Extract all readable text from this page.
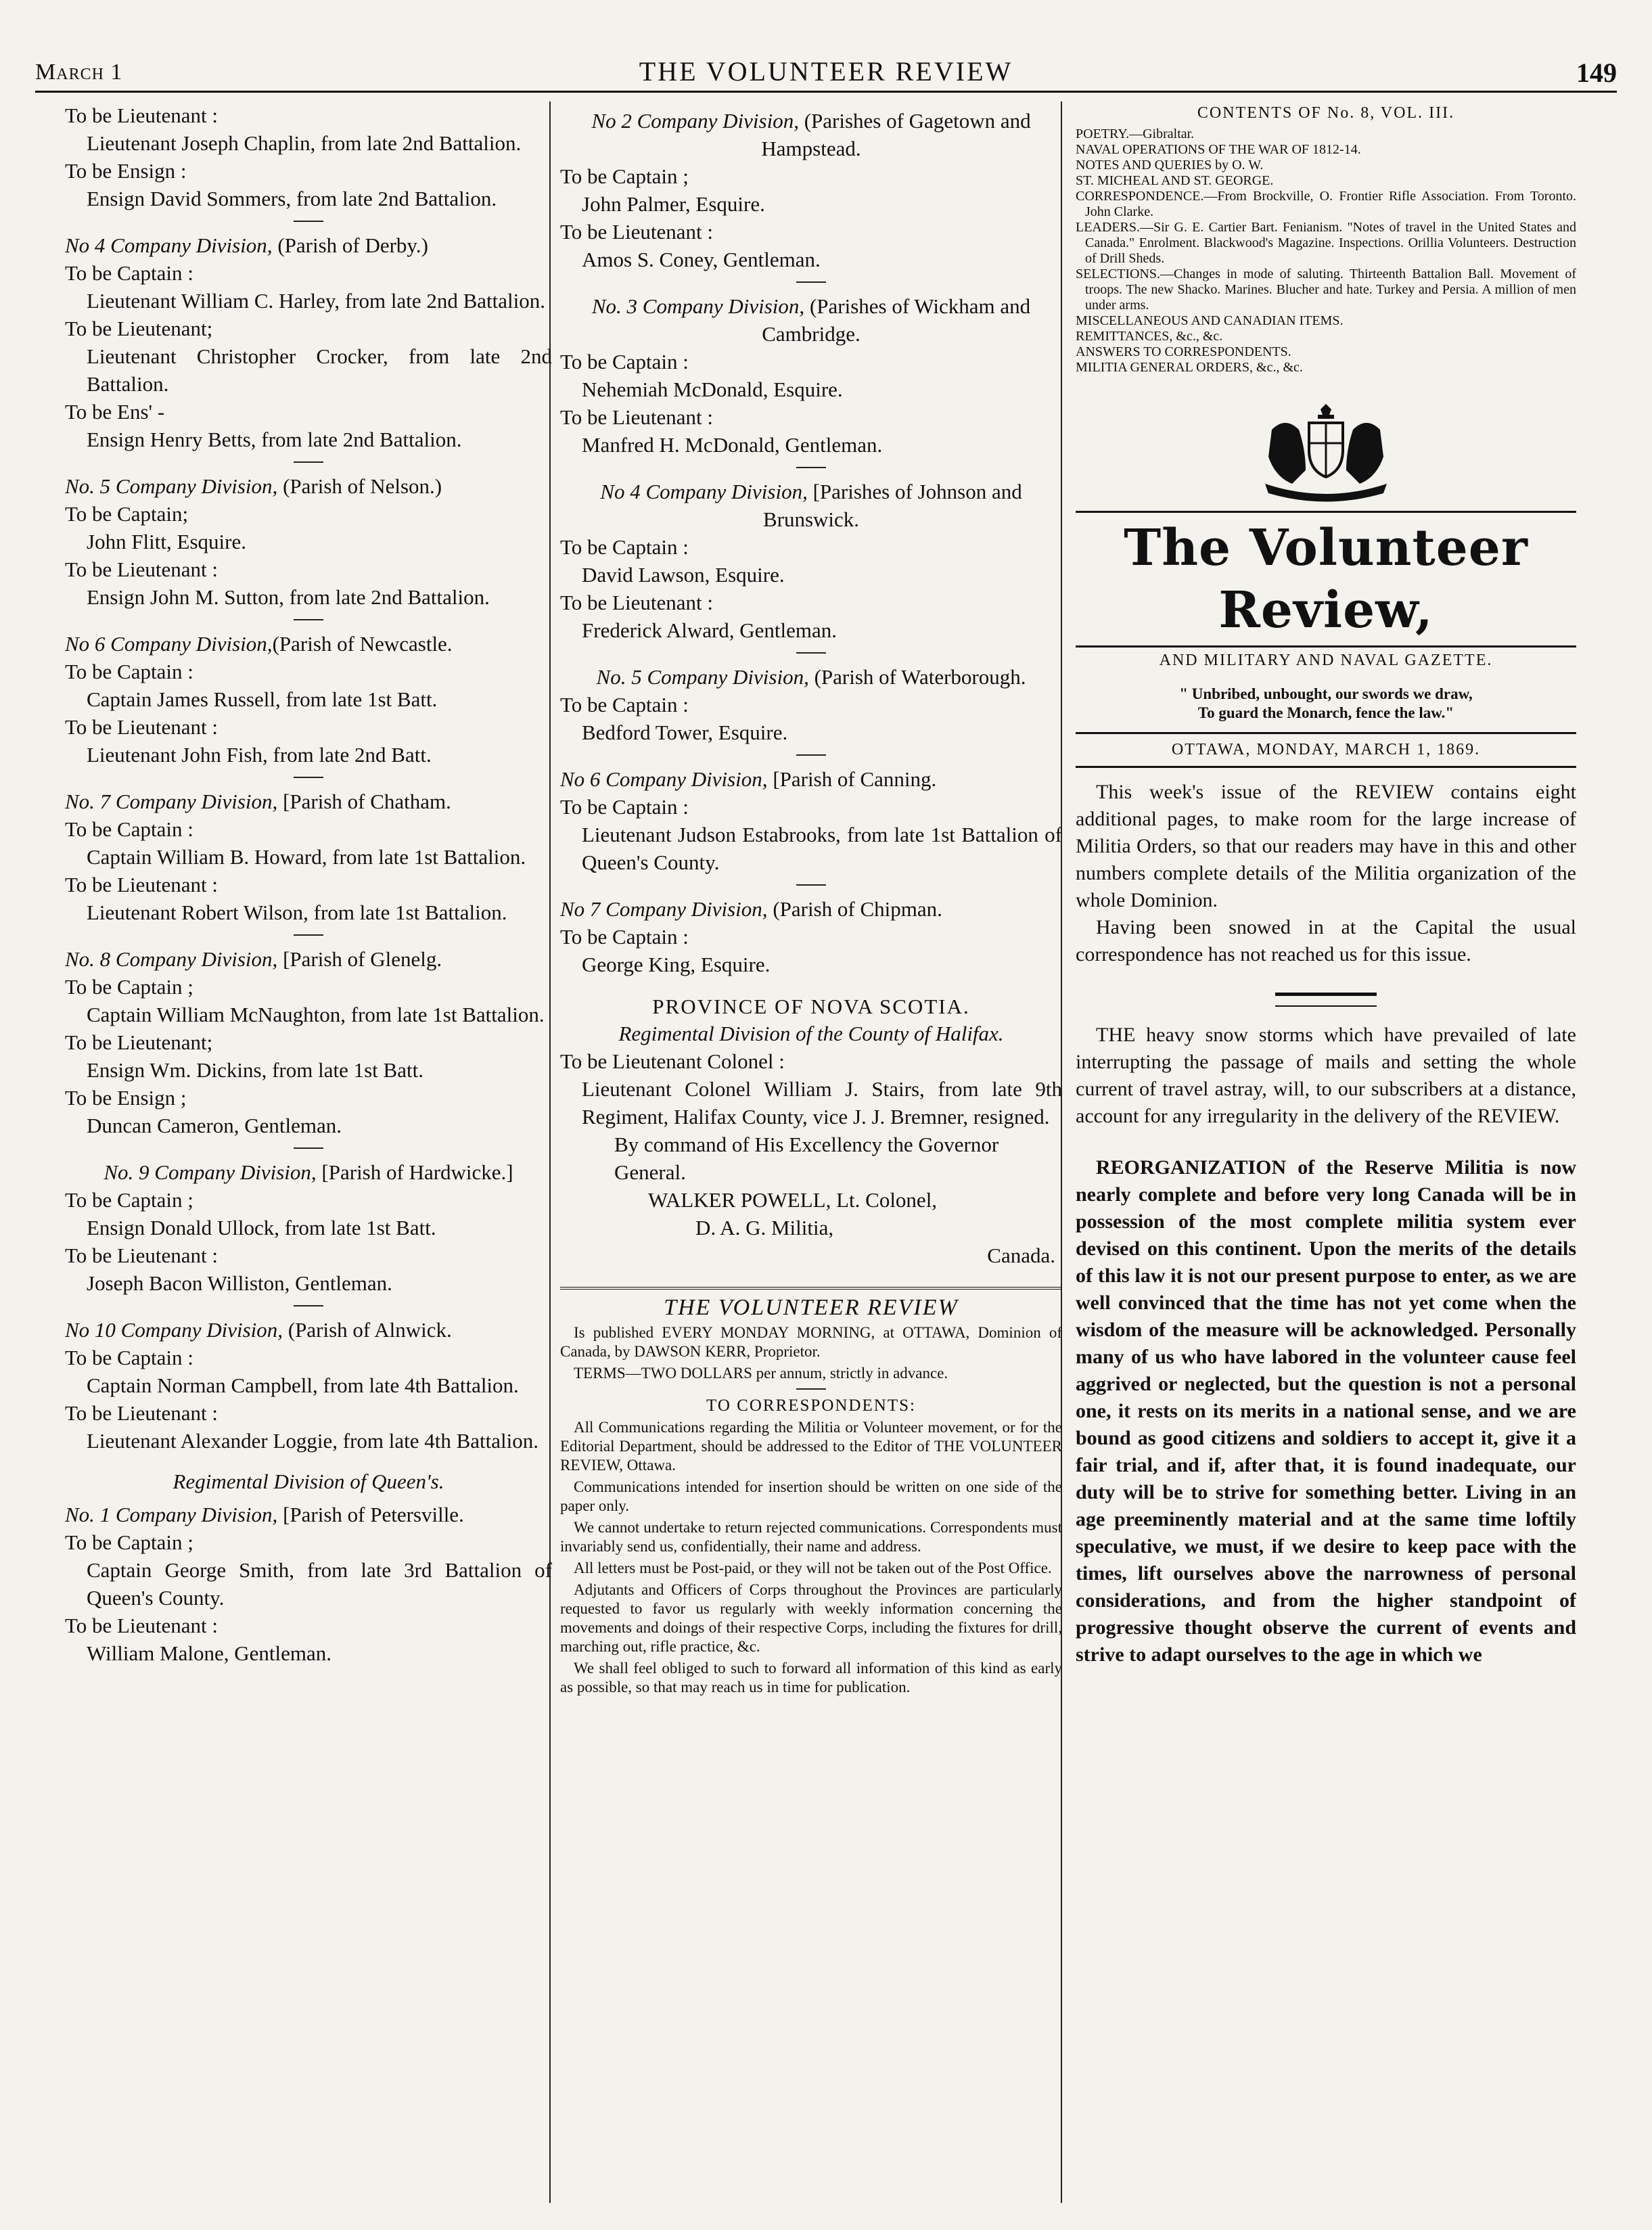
March 1	THE VOLUNTEER REVIEW	149
To be Lieutenant :
Lieutenant Joseph Chaplin, from late 2nd Battalion.
To be Ensign :
Ensign David Sommers, from late 2nd Battalion.
No 4 Company Division, (Parish of Derby.)
To be Captain :
Lieutenant William C. Harley, from late 2nd Battalion.
To be Lieutenant;
Lieutenant Christopher Crocker, from late 2nd Battalion.
To be Ens' -
Ensign Henry Betts, from late 2nd Battalion.
No. 5 Company Division, (Parish of Nelson.)
To be Captain;
John Flitt, Esquire.
To be Lieutenant :
Ensign John M. Sutton, from late 2nd Battalion.
No 6 Company Division,(Parish of Newcastle.
To be Captain :
Captain James Russell, from late 1st Batt.
To be Lieutenant :
Lieutenant John Fish, from late 2nd Batt.
No. 7 Company Division, [Parish of Chatham.
To be Captain :
Captain William B. Howard, from late 1st Battalion.
To be Lieutenant :
Lieutenant Robert Wilson, from late 1st Battalion.
No. 8 Company Division, [Parish of Glenelg.
To be Captain ;
Captain William McNaughton, from late 1st Battalion.
To be Lieutenant;
Ensign Wm. Dickins, from late 1st Batt.
To be Ensign ;
Duncan Cameron, Gentleman.
No. 9 Company Division, [Parish of Hardwicke.]
To be Captain ;
Ensign Donald Ullock, from late 1st Batt.
To be Lieutenant :
Joseph Bacon Williston, Gentleman.
No 10 Company Division, (Parish of Alnwick.
To be Captain :
Captain Norman Campbell, from late 4th Battalion.
To be Lieutenant :
Lieutenant Alexander Loggie, from late 4th Battalion.
Regimental Division of Queen's.
No. 1 Company Division, [Parish of Petersville.
To be Captain ;
Captain George Smith, from late 3rd Battalion of Queen's County.
To be Lieutenant :
William Malone, Gentleman.
No 2 Company Division, (Parishes of Gagetown and Hampstead.
To be Captain ;
John Palmer, Esquire.
To be Lieutenant :
Amos S. Coney, Gentleman.
No. 3 Company Division, (Parishes of Wickham and Cambridge.
To be Captain :
Nehemiah McDonald, Esquire.
To be Lieutenant :
Manfred H. McDonald, Gentleman.
No 4 Company Division, [Parishes of Johnson and Brunswick.
To be Captain :
David Lawson, Esquire.
To be Lieutenant :
Frederick Alward, Gentleman.
No. 5 Company Division, (Parish of Waterborough.
To be Captain :
Bedford Tower, Esquire.
No 6 Company Division, [Parish of Canning.
To be Captain :
Lieutenant Judson Estabrooks, from late 1st Battalion of Queen's County.
No 7 Company Division, (Parish of Chipman.
To be Captain :
George King, Esquire.
PROVINCE OF NOVA SCOTIA.
Regimental Division of the County of Halifax.
To be Lieutenant Colonel :
Lieutenant Colonel William J. Stairs, from late 9th Regiment, Halifax County, vice J. J. Bremner, resigned.
By command of His Excellency the Governor General.
WALKER POWELL, Lt. Colonel,
D. A. G. Militia,
Canada.
THE VOLUNTEER REVIEW

Is published EVERY MONDAY MORNING, at OTTAWA, Dominion of Canada, by DAWSON KERR, Proprietor.

TERMS—TWO DOLLARS per annum, strictly in advance.

TO CORRESPONDENTS:

All Communications regarding the Militia or Volunteer movement, or for the Editorial Department, should be addressed to the Editor of THE VOLUNTEER REVIEW, Ottawa.

Communications intended for insertion should be written on one side of the paper only.

We cannot undertake to return rejected communications. Correspondents must invariably send us, confidentially, their name and address.

All letters must be Post-paid, or they will not be taken out of the Post Office.

Adjutants and Officers of Corps throughout the Provinces are particularly requested to favor us regularly with weekly information concerning the movements and doings of their respective Corps, including the fixtures for drill, marching out, rifle practice, &c.

We shall feel obliged to such to forward all information of this kind as early as possible, so that may reach us in time for publication.

CONTENTS OF No. 8, VOL. III.
POETRY.—Gibraltar.
NAVAL OPERATIONS OF THE WAR OF 1812-14.
NOTES AND QUERIES by O. W.
ST. MICHEAL AND ST. GEORGE.
CORRESPONDENCE.—From Brockville, O. Frontier Rifle Association. From Toronto. John Clarke.
LEADERS.—Sir G. E. Cartier Bart. Fenianism. "Notes of travel in the United States and Canada." Enrolment. Blackwood's Magazine. Inspections. Orillia Volunteers. Destruction of Drill Sheds.
SELECTIONS.—Changes in mode of saluting. Thirteenth Battalion Ball. Movement of troops. The new Shacko. Marines. Blucher and hate. Turkey and Persia. A million of men under arms.
MISCELLANEOUS AND CANADIAN ITEMS.
REMITTANCES, &c., &c.
ANSWERS TO CORRESPONDENTS.
MILITIA GENERAL ORDERS, &c., &c.
The Volunteer Review,
AND MILITARY AND NAVAL GAZETTE.
" Unbribed, unbought, our swords we draw,
To guard the Monarch, fence the law."
OTTAWA, MONDAY, MARCH 1, 1869.

This week's issue of the REVIEW contains eight additional pages, to make room for the large increase of Militia Orders, so that our readers may have in this and other numbers complete details of the Militia organization of the whole Dominion.

Having been snowed in at the Capital the usual correspondence has not reached us for this issue.

THE heavy snow storms which have prevailed of late interrupting the passage of mails and setting the whole current of travel astray, will, to our subscribers at a distance, account for any irregularity in the delivery of the REVIEW.

REORGANIZATION of the Reserve Militia is now nearly complete and before very long Canada will be in possession of the most complete militia system ever devised on this continent. Upon the merits of the details of this law it is not our present purpose to enter, as we are well convinced that the time has not yet come when the wisdom of the measure will be acknowledged. Personally many of us who have labored in the volunteer cause feel aggrived or neglected, but the question is not a personal one, it rests on its merits in a national sense, and we are bound as good citizens and soldiers to accept it, give it a fair trial, and if, after that, it is found inadequate, our duty will be to strive for something better. Living in an age preeminently material and at the same time loftily speculative, we must, if we desire to keep pace with the times, lift ourselves above the narrowness of personal considerations, and from the higher standpoint of progressive thought observe the current of events and strive to adapt ourselves to the age in which we
